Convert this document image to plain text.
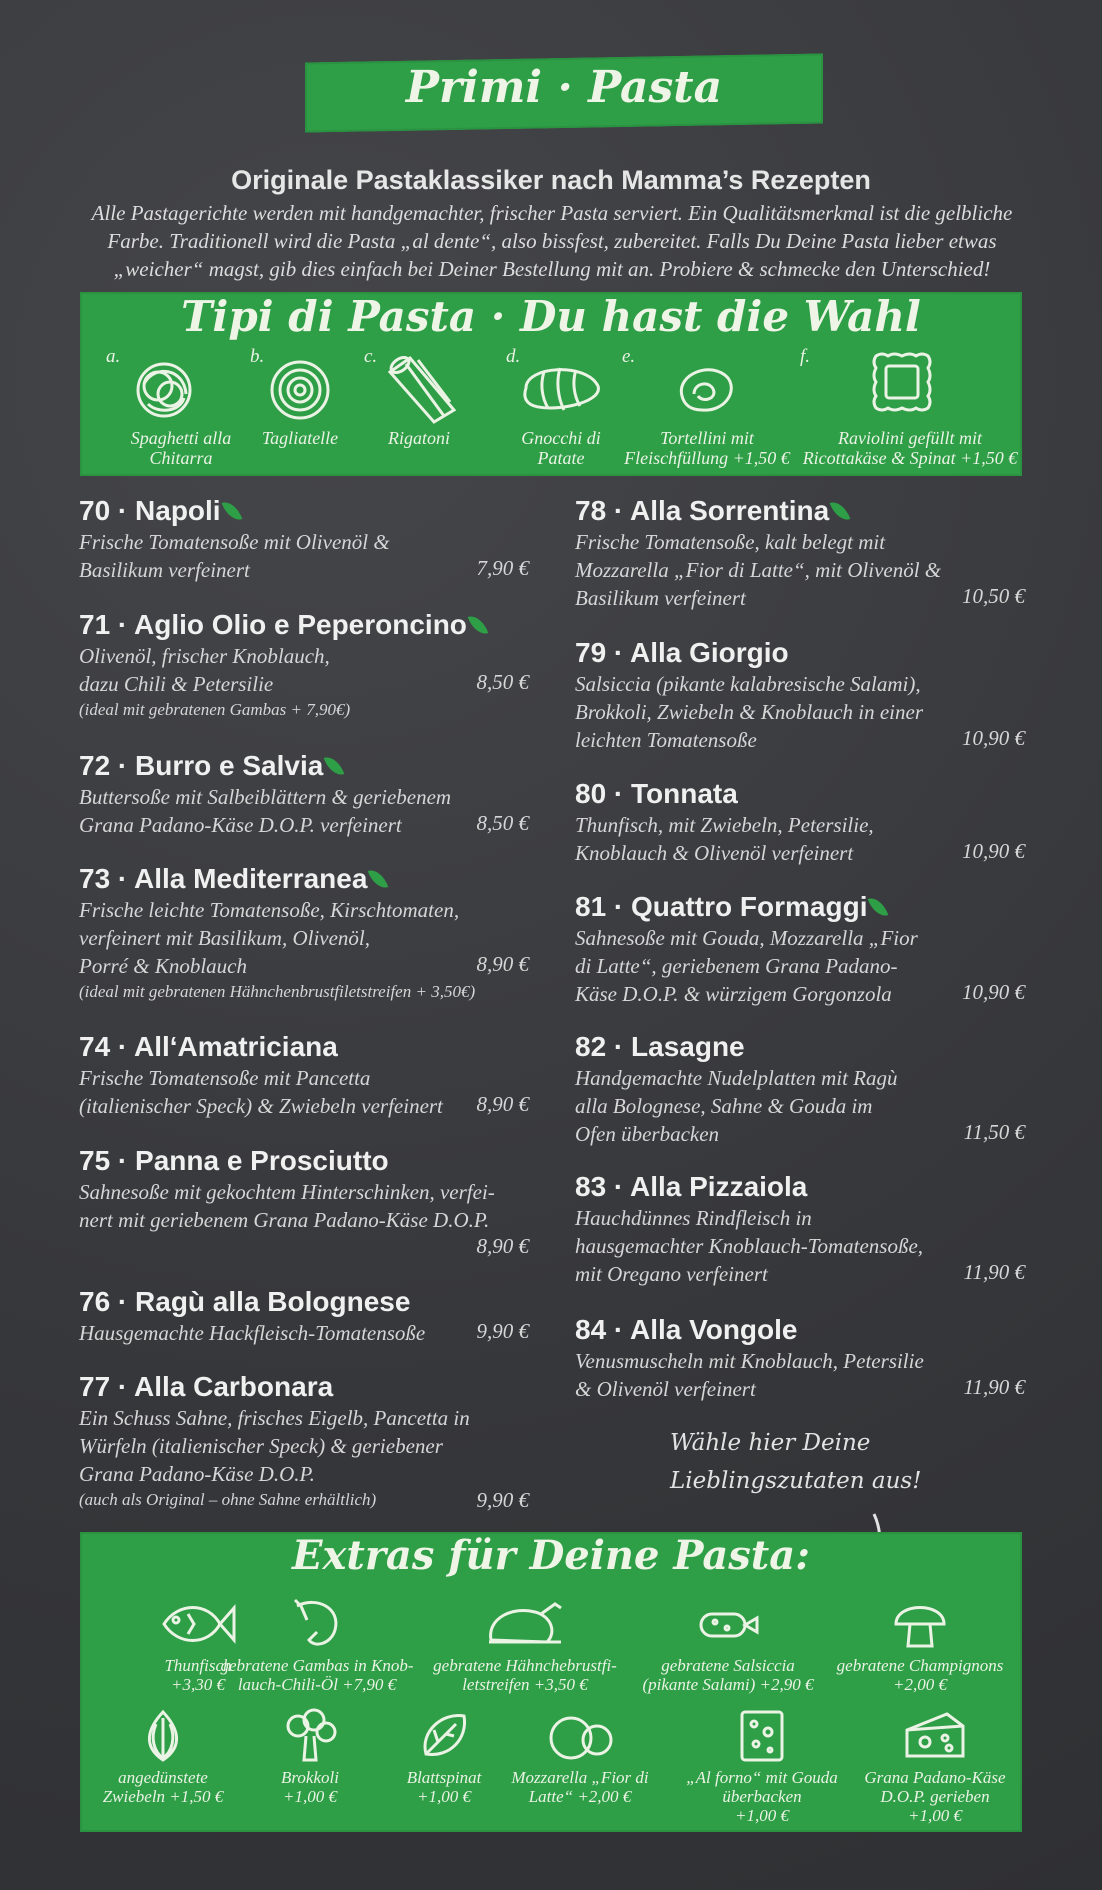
Primi · Pasta
Originale Pastaklassiker nach Mamma’s Rezepten
Alle Pastagerichte werden mit handgemachter, frischer Pasta serviert. Ein Qualitätsmerkmal ist die gelbliche Farbe. Traditionell wird die Pasta „al dente“, also bissfest, zubereitet. Falls Du Deine Pasta lieber etwas „weicher“ magst, gib dies einfach bei Deiner Bestellung mit an. Probiere & schmecke den Unterschied!
Tipi di Pasta · Du hast die Wahl
a.
Spaghetti alla Chitarra
b.
Tagliatelle
c.
Rigatoni
d.
Gnocchi di Patate
e.
Tortellini mit Fleischfüllung +1,50 €
f.
Raviolini gefüllt mit Ricottakäse & Spinat +1,50 €
70 · Napoli
Frische Tomatensoße mit Olivenöl &
Basilikum verfeinert	7,90 €
71 · Aglio Olio e Peperoncino
Olivenöl, frischer Knoblauch,
dazu Chili & Petersilie
(ideal mit gebratenen Gambas + 7,90€)
8,50 €
72 · Burro e Salvia
Buttersoße mit Salbeiblättern & geriebenem
Grana Padano-Käse D.O.P. verfeinert	8,50 €
73 · Alla Mediterranea
Frische leichte Tomatensoße, Kirschtomaten,
verfeinert mit Basilikum, Olivenöl,
Porré & Knoblauch
(ideal mit gebratenen Hähnchenbrustfiletstreifen + 3,50€)
8,90 €
74 · All‘Amatriciana
Frische Tomatensoße mit Pancetta
(italienischer Speck) & Zwiebeln verfeinert	8,90 €
75 · Panna e Prosciutto
Sahnesoße mit gekochtem Hinterschinken, verfei-
nert mit geriebenem Grana Padano-Käse D.O.P.
8,90 €
76 · Ragù alla Bolognese
Hausgemachte Hackfleisch-Tomatensoße	9,90 €
77 · Alla Carbonara
Ein Schuss Sahne, frisches Eigelb, Pancetta in
Würfeln (italienischer Speck) & geriebener
Grana Padano-Käse D.O.P.
(auch als Original – ohne Sahne erhältlich)	9,90 €
78 · Alla Sorrentina
Frische Tomatensoße, kalt belegt mit
Mozzarella „Fior di Latte“, mit Olivenöl &
Basilikum verfeinert	10,50 €
79 · Alla Giorgio
Salsiccia (pikante kalabresische Salami),
Brokkoli, Zwiebeln & Knoblauch in einer
leichten Tomatensoße	10,90 €
80 · Tonnata
Thunfisch, mit Zwiebeln, Petersilie,
Knoblauch & Olivenöl verfeinert	10,90 €
81 · Quattro Formaggi
Sahnesoße mit Gouda, Mozzarella „Fior
di Latte“, geriebenem Grana Padano-
Käse D.O.P. & würzigem Gorgonzola	10,90 €
82 · Lasagne
Handgemachte Nudelplatten mit Ragù
alla Bolognese, Sahne & Gouda im
Ofen überbacken	11,50 €
83 · Alla Pizzaiola
Hauchdünnes Rindfleisch in
hausgemachter Knoblauch-Tomatensoße,
mit Oregano verfeinert	11,90 €
84 · Alla Vongole
Venusmuscheln mit Knoblauch, Petersilie
& Olivenöl verfeinert	11,90 €
Wähle hier Deine
Lieblingszutaten aus!
Extras für Deine Pasta:
Thunfisch
+3,30 €
gebratene Gambas in Knob-
lauch-Chili-Öl +7,90 €
gebratene Hähnchebrustfi-
letstreifen +3,50 €
gebratene Salsiccia
(pikante Salami) +2,90 €
gebratene Champignons
+2,00 €
angedünstete
Zwiebeln +1,50 €
Brokkoli
+1,00 €
Blattspinat
+1,00 €
Mozzarella „Fior di
Latte“ +2,00 €
„Al forno“ mit Gouda
überbacken
+1,00 €
Grana Padano-Käse
D.O.P. gerieben
+1,00 €
